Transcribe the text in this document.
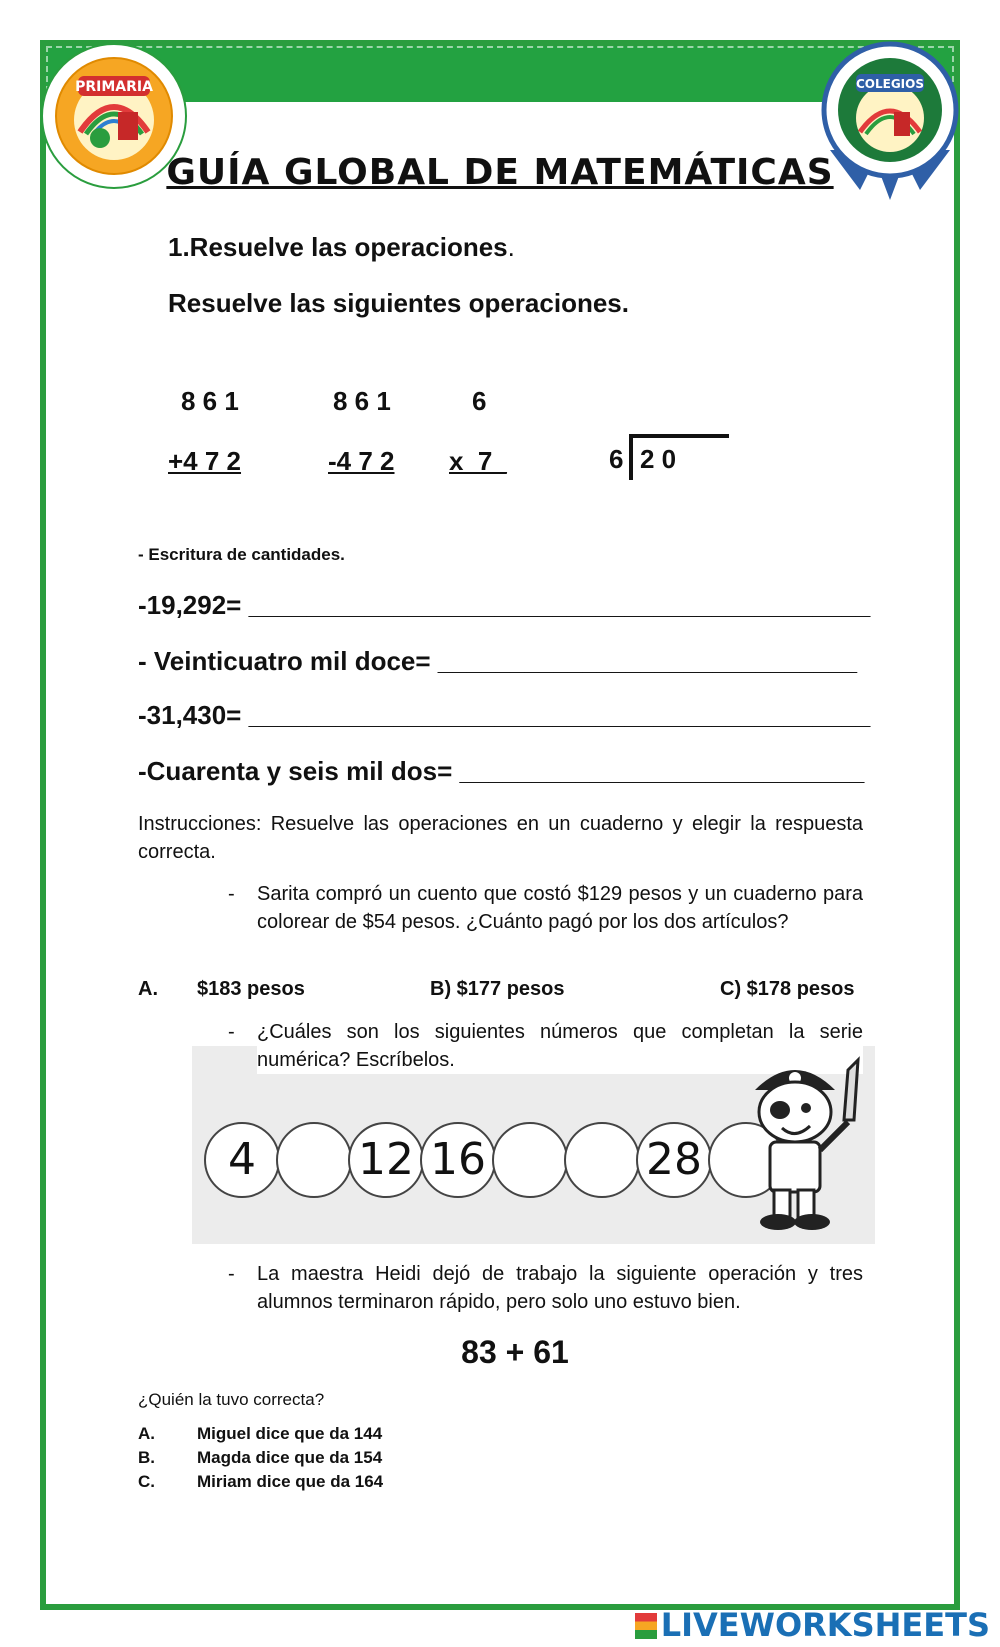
PRIMARIA	COLEGIOS
sace
GUÍA GLOBAL DE MATEMÁTICAS
1.Resuelve las operaciones.
Resuelve las siguientes operaciones.
8 6 1
+4 7 2
8 6 1
-4 7 2
6
x  7_	6 2 0
- Escritura de cantidades.
-19,292= ___________________________________________
- Veinticuatro mil doce= _____________________________
-31,430= ___________________________________________
-Cuarenta y seis mil dos= ____________________________
Instrucciones: Resuelve las operaciones en un cuaderno y elegir la respuesta correcta.
- Sarita compró un cuento que costó $129 pesos y un cuaderno para colorear de $54 pesos. ¿Cuánto pagó por los dos artículos?
A. $183 pesos	B) $177 pesos	C) $178 pesos
- ¿Cuáles son los siguientes números que completan la serie numérica? Escríbelos.
4	12 16	28
- La maestra Heidi dejó de trabajo la siguiente operación y tres alumnos terminaron rápido, pero solo uno estuvo bien.
83 + 61
¿Quién la tuvo correcta?
A. Miguel dice que da 144
B. Magda dice que da 154
C. Miriam dice que da 164
LIVEWORKSHEETS
